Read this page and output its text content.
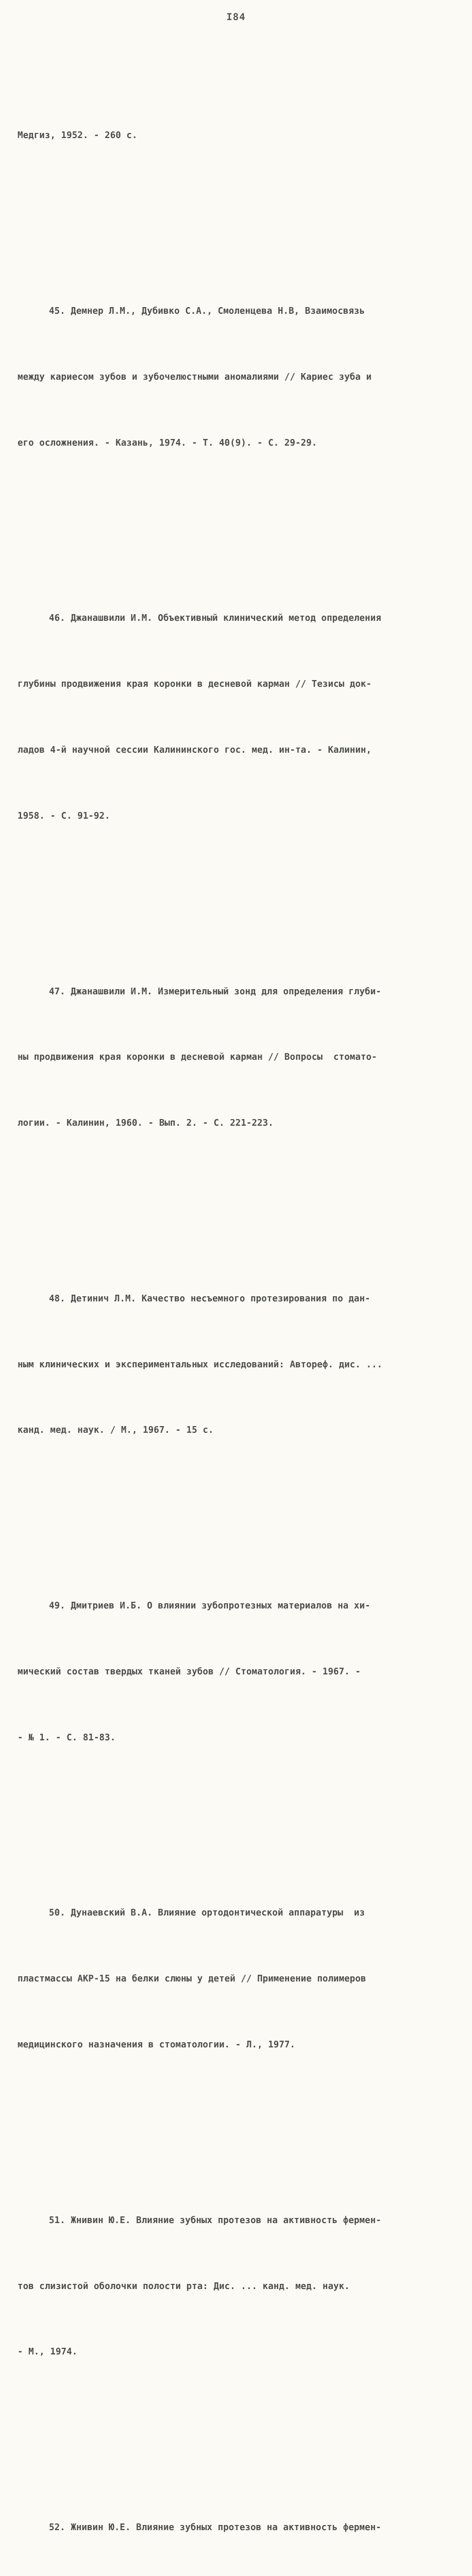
I84

Медгиз, 1952. - 260 с.

45. Демнер Л.М., Дубивко С.А., Смоленцева Н.В, Взаимосвязь

между кариесом зубов и зубочелюстными аномалиями // Кариес зуба и

его осложнения. - Казань, 1974. - Т. 40(9). - С. 29-29.

46. Джанашвили И.М. Объективный клинический метод определения

глубины продвижения края коронки в десневой карман // Тезисы док-

ладов 4-й научной сессии Калининского гос. мед. ин-та. - Калинин,

1958. - С. 91-92.

47. Джанашвили И.М. Измерительный зонд для определения глуби-

ны продвижения края коронки в десневой карман // Вопросы  стомато-

логии. - Калинин, 1960. - Вып. 2. - С. 221-223.

48. Детинич Л.М. Качество несъемного протезирования по дан-

ным клинических и экспериментальных исследований: Автореф. дис. ...

канд. мед. наук. / М., 1967. - 15 с.

49. Дмитриев И.Б. О влиянии зубопротезных материалов на хи-

мический состав твердых тканей зубов // Стоматология. - 1967. -

- № 1. - С. 81-83.

50. Дунаевский В.А. Влияние ортодонтической аппаратуры  из

пластмассы АКР-15 на белки слюны у детей // Применение полимеров

медицинского назначения в стоматологии. - Л., 1977.

51. Жнивин Ю.Е. Влияние зубных протезов на активность фермен-

тов слизистой оболочки полости рта: Дис. ... канд. мед. наук.

- М., 1974.

52. Жнивин Ю.Е. Влияние зубных протезов на активность фермен-
